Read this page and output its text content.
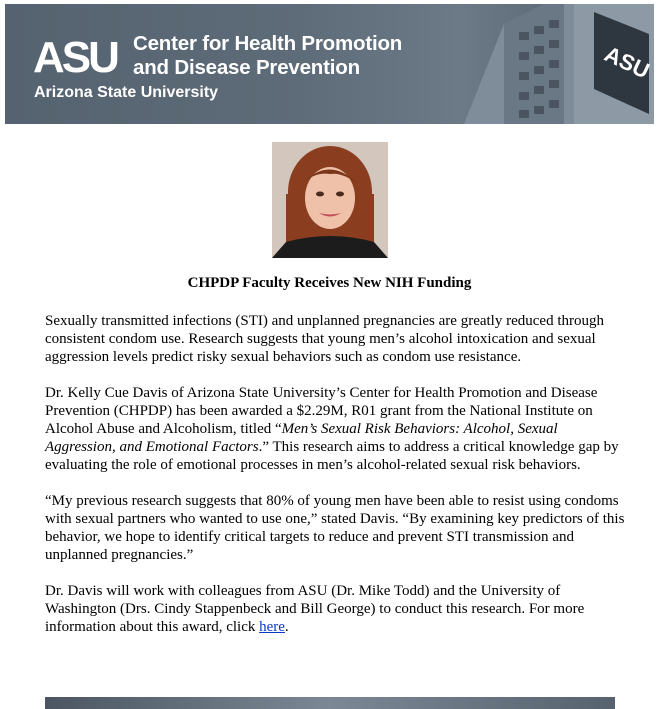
ASU
ASU Center for Health Promotion
and Disease Prevention
Arizona State University
CHPDP Faculty Receives New NIH Funding

Sexually transmitted infections (STI) and unplanned pregnancies are greatly reduced through consistent condom use. Research suggests that young men’s alcohol intoxication and sexual aggression levels predict risky sexual behaviors such as condom use resistance.

Dr. Kelly Cue Davis of Arizona State University’s Center for Health Promotion and Disease Prevention (CHPDP) has been awarded a $2.29M, R01 grant from the National Institute on Alcohol Abuse and Alcoholism, titled “Men’s Sexual Risk Behaviors: Alcohol, Sexual Aggression, and Emotional Factors.” This research aims to address a critical knowledge gap by evaluating the role of emotional processes in men’s alcohol-related sexual risk behaviors.

“My previous research suggests that 80% of young men have been able to resist using condoms with sexual partners who wanted to use one,” stated Davis. “By examining key predictors of this behavior, we hope to identify critical targets to reduce and prevent STI transmission and unplanned pregnancies.”

Dr. Davis will work with colleagues from ASU (Dr. Mike Todd) and the University of Washington (Drs. Cindy Stappenbeck and Bill George) to conduct this research. For more information about this award, click here.
